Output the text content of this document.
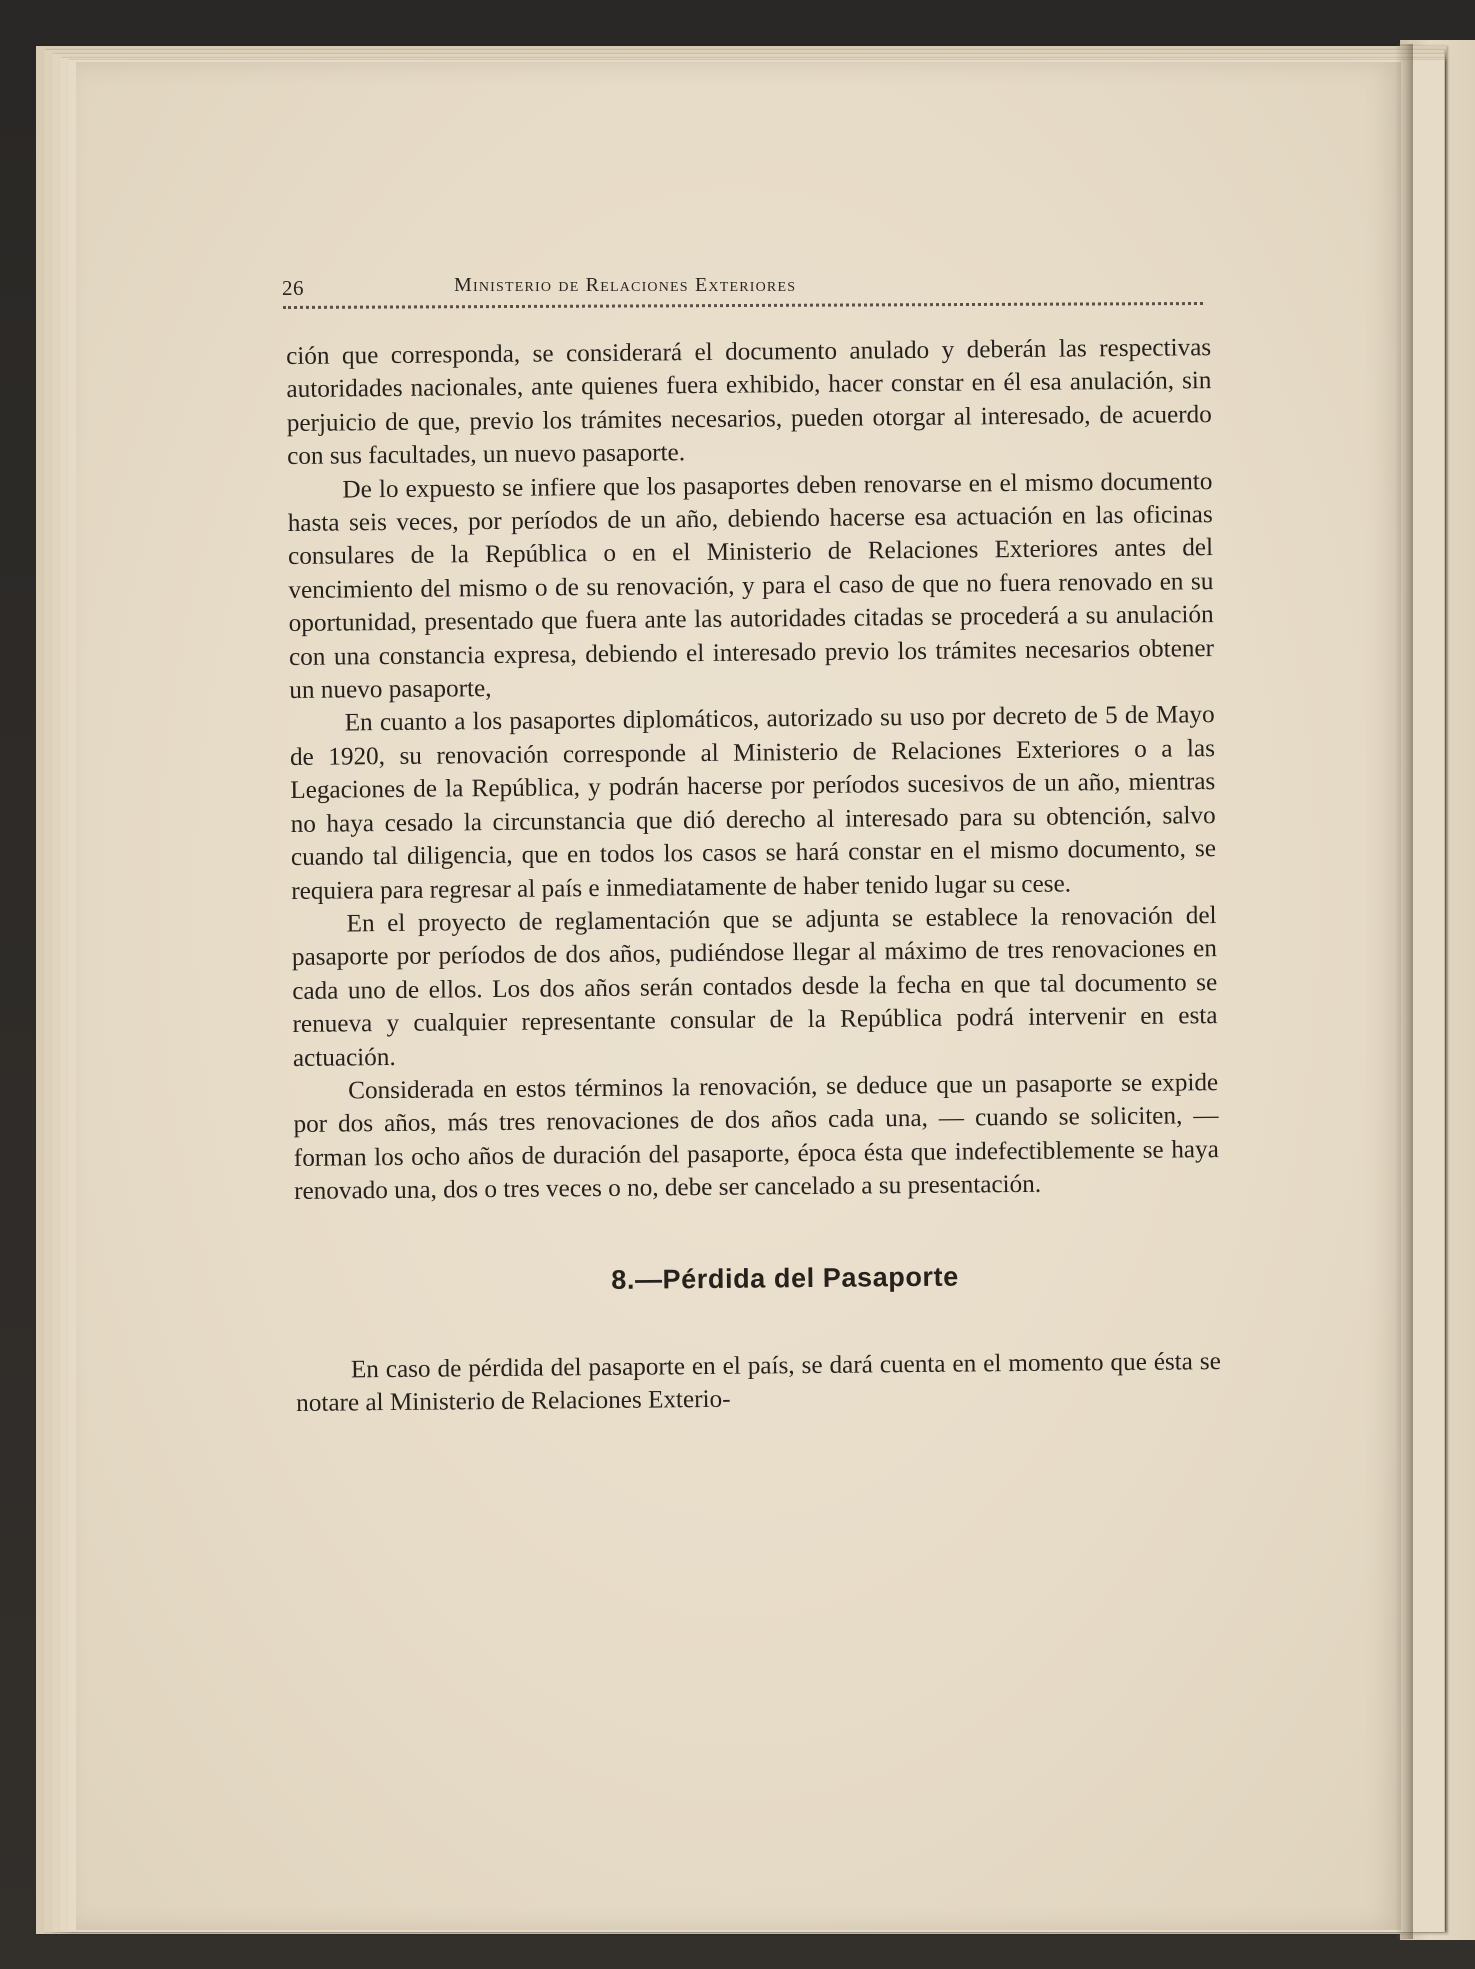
26	Ministerio de Relaciones Exteriores

ción que corresponda, se considerará el documento anulado y deberán las respectivas autoridades nacionales, ante quienes fuera exhibido, hacer constar en él esa anulación, sin perjuicio de que, previo los trámites necesarios, pueden otorgar al interesado, de acuerdo con sus facultades, un nuevo pasaporte.

De lo expuesto se infiere que los pasaportes deben renovarse en el mismo documento hasta seis veces, por períodos de un año, debiendo hacerse esa actuación en las oficinas consulares de la República o en el Ministerio de Relaciones Exteriores antes del vencimiento del mismo o de su renovación, y para el caso de que no fuera renovado en su oportunidad, presentado que fuera ante las autoridades citadas se procederá a su anulación con una constancia expresa, debiendo el interesado previo los trámites necesarios obtener un nuevo pasaporte,

En cuanto a los pasaportes diplomáticos, autorizado su uso por decreto de 5 de Mayo de 1920, su renovación corresponde al Ministerio de Relaciones Exteriores o a las Legaciones de la República, y podrán hacerse por períodos sucesivos de un año, mientras no haya cesado la circunstancia que dió derecho al interesado para su obtención, salvo cuando tal diligencia, que en todos los casos se hará constar en el mismo documento, se requiera para regresar al país e inmediatamente de haber tenido lugar su cese.

En el proyecto de reglamentación que se adjunta se establece la renovación del pasaporte por períodos de dos años, pudiéndose llegar al máximo de tres renovaciones en cada uno de ellos. Los dos años serán contados desde la fecha en que tal documento se renueva y cualquier representante consular de la República podrá intervenir en esta actuación.

Considerada en estos términos la renovación, se deduce que un pasaporte se expide por dos años, más tres renovaciones de dos años cada una, — cuando se soliciten, — forman los ocho años de duración del pasaporte, época ésta que indefectiblemente se haya renovado una, dos o tres veces o no, debe ser cancelado a su presentación.

8.—Pérdida del Pasaporte

En caso de pérdida del pasaporte en el país, se dará cuenta en el momento que ésta se notare al Ministerio de Relaciones Exterio-
